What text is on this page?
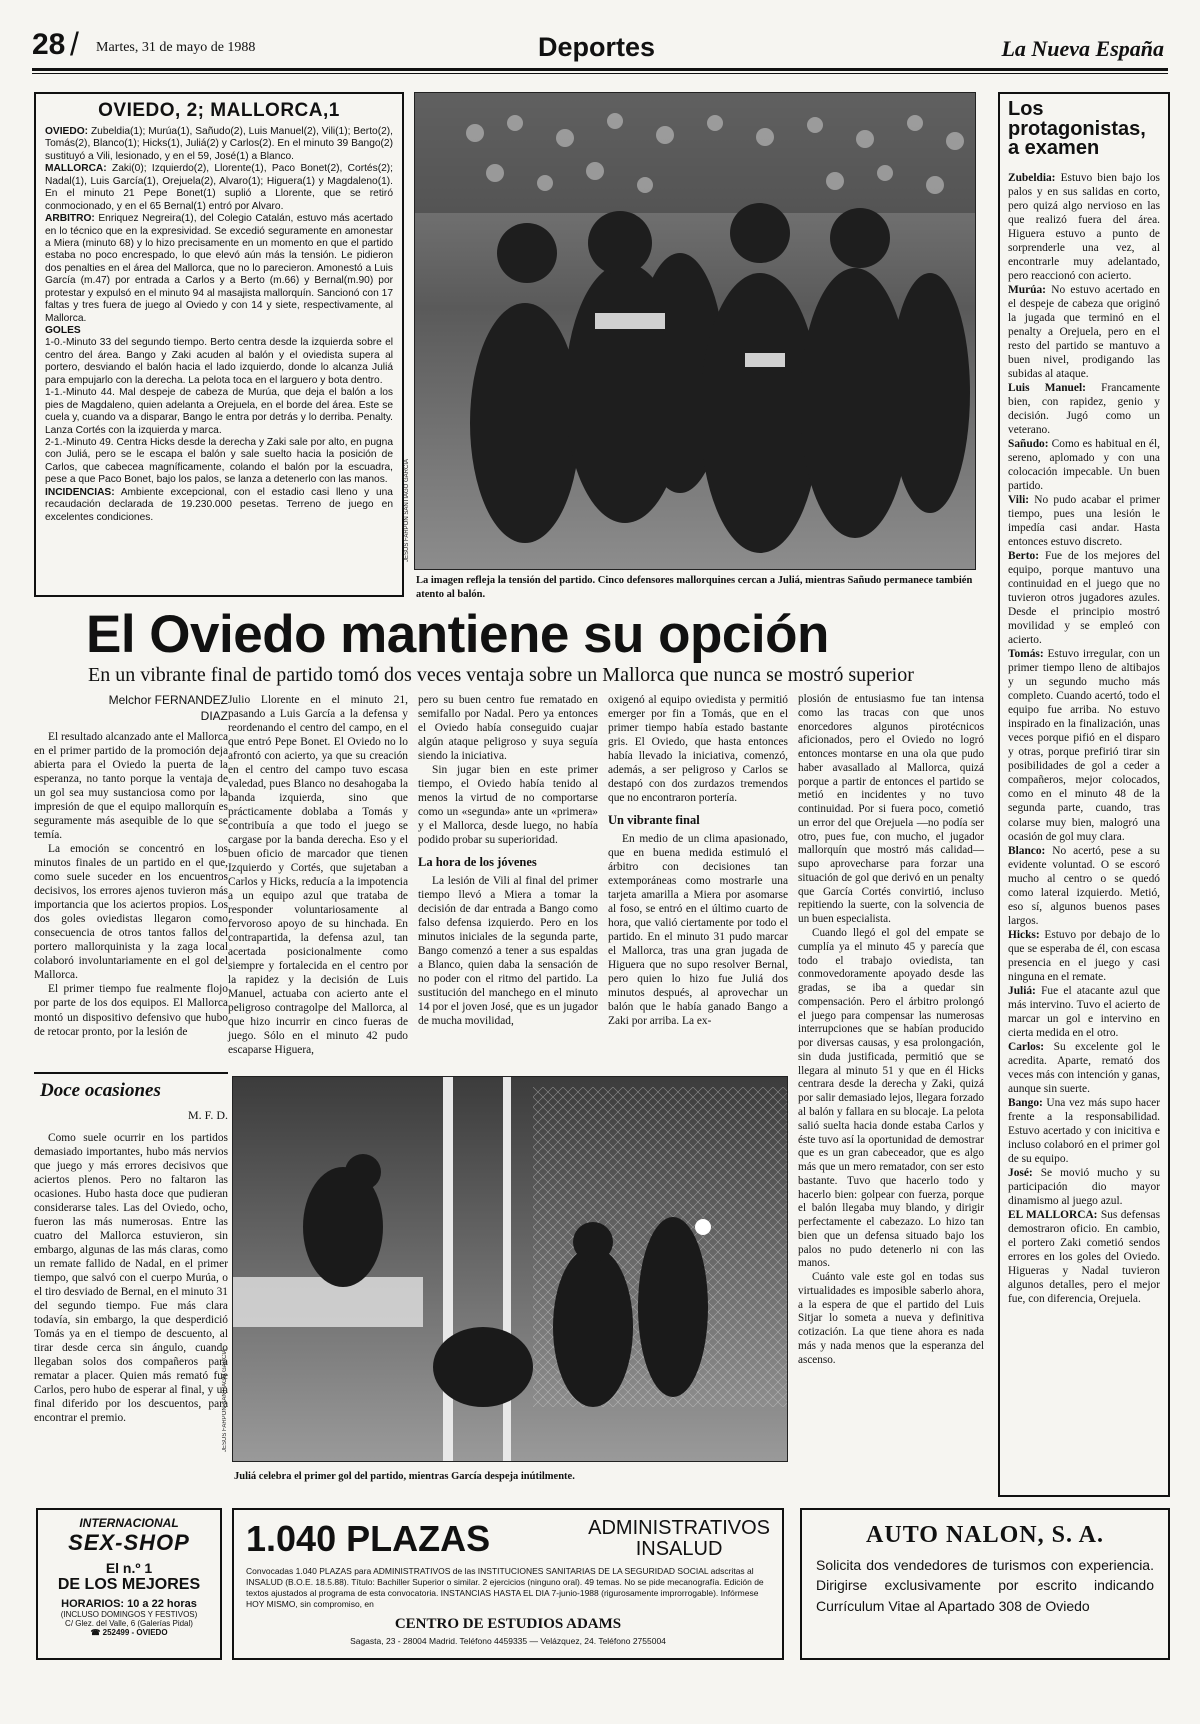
28 / Martes, 31 de mayo de 1988	Deportes	La Nueva España
OVIEDO, 2; MALLORCA,1
OVIEDO: Zubeldia(1); Murúa(1), Sañudo(2), Luis Manuel(2), Vili(1); Berto(2), Tomás(2), Blanco(1); Hicks(1), Juliá(2) y Carlos(2). En el minuto 39 Bango(2) sustituyó a Vili, lesionado, y en el 59, José(1) a Blanco.
MALLORCA: Zaki(0); Izquierdo(2), Llorente(1), Paco Bonet(2), Cortés(2); Nadal(1), Luis García(1), Orejuela(2), Alvaro(1); Higuera(1) y Magdaleno(1). En el minuto 21 Pepe Bonet(1) suplió a Llorente, que se retiró conmocionado, y en el 65 Bernal(1) entró por Alvaro.
ARBITRO: Enriquez Negreira(1), del Colegio Catalán, estuvo más acertado en lo técnico que en la expresividad. Se excedió seguramente en amonestar a Miera (minuto 68) y lo hizo precisamente en un momento en que el partido estaba no poco encrespado, lo que elevó aún más la tensión. Le pidieron dos penalties en el área del Mallorca, que no lo parecieron. Amonestó a Luis García (m.47) por entrada a Carlos y a Berto (m.66) y Bernal(m.90) por protestar y expulsó en el minuto 94 al masajista mallorquín. Sancionó con 17 faltas y tres fuera de juego al Oviedo y con 14 y siete, respectivamente, al Mallorca.
GOLES
1-0.-Minuto 33 del segundo tiempo. Berto centra desde la izquierda sobre el centro del área. Bango y Zaki acuden al balón y el oviedista supera al portero, desviando el balón hacia el lado izquierdo, donde lo alcanza Juliá para empujarlo con la derecha. La pelota toca en el larguero y bota dentro.
1-1.-Minuto 44. Mal despeje de cabeza de Murúa, que deja el balón a los pies de Magdaleno, quien adelanta a Orejuela, en el borde del área. Este se cuela y, cuando va a disparar, Bango le entra por detrás y lo derriba. Penalty. Lanza Cortés con la izquierda y marca.
2-1.-Minuto 49. Centra Hicks desde la derecha y Zaki sale por alto, en pugna con Juliá, pero se le escapa el balón y sale suelto hacia la posición de Carlos, que cabecea magníficamente, colando el balón por la escuadra, pese a que Paco Bonet, bajo los palos, se lanza a detenerlo con las manos.
INCIDENCIAS: Ambiente excepcional, con el estadio casi lleno y una recaudación declarada de 19.230.000 pesetas. Terreno de juego en excelentes condiciones.	JESUS FARPON SANTIAGO GARCIA
La imagen refleja la tensión del partido. Cinco defensores mallorquines cercan a Juliá, mientras Sañudo permanece también atento al balón.
El Oviedo mantiene su opción
En un vibrante final de partido tomó dos veces ventaja sobre un Mallorca que nunca se mostró superior
Melchor FERNANDEZ
DIAZ

El resultado alcanzado ante el Mallorca en el primer partido de la promoción deja abierta para el Oviedo la puerta de la esperanza, no tanto porque la ventaja de un gol sea muy sustanciosa como por la impresión de que el equipo mallorquín es seguramente más asequible de lo que se temía.

La emoción se concentró en los minutos finales de un partido en el que, como suele suceder en los encuentros decisivos, los errores ajenos tuvieron más importancia que los aciertos propios. Los dos goles oviedistas llegaron como consecuencia de otros tantos fallos del portero mallorquinista y la zaga local colaboró involuntariamente en el gol del Mallorca.

El primer tiempo fue realmente flojo por parte de los dos equipos. El Mallorca montó un dispositivo defensivo que hubo de retocar pronto, por la lesión de

Julio Llorente en el minuto 21, pasando a Luis García a la defensa y reordenando el centro del campo, en el que entró Pepe Bonet. El Oviedo no lo afrontó con acierto, ya que su creación en el centro del campo tuvo escasa valedad, pues Blanco no desahogaba la banda izquierda, sino que prácticamente doblaba a Tomás y contribuía a que todo el juego se cargase por la banda derecha. Eso y el buen oficio de marcador que tienen Izquierdo y Cortés, que sujetaban a Carlos y Hicks, reducía a la impotencia a un equipo azul que trataba de responder voluntariosamente al fervoroso apoyo de su hinchada. En contrapartida, la defensa azul, tan acertada posicionalmente como siempre y fortalecida en el centro por la rapidez y la decisión de Luis Manuel, actuaba con acierto ante el peligroso contragolpe del Mallorca, al que hizo incurrir en cinco fueras de juego. Sólo en el minuto 42 pudo escaparse Higuera,

pero su buen centro fue rematado en semifallo por Nadal. Pero ya entonces el Oviedo había conseguido cuajar algún ataque peligroso y suya seguía siendo la iniciativa.

Sin jugar bien en este primer tiempo, el Oviedo había tenido al menos la virtud de no comportarse como un «segunda» ante un «primera» y el Mallorca, desde luego, no había podido probar su superioridad.

La hora de los jóvenes

La lesión de Vili al final del primer tiempo llevó a Miera a tomar la decisión de dar entrada a Bango como falso defensa izquierdo. Pero en los minutos iniciales de la segunda parte, Bango comenzó a tener a sus espaldas a Blanco, quien daba la sensación de no poder con el ritmo del partido. La sustitución del manchego en el minuto 14 por el joven José, que es un jugador de mucha movilidad,

oxigenó al equipo oviedista y permitió emerger por fin a Tomás, que en el primer tiempo había estado bastante gris. El Oviedo, que hasta entonces había llevado la iniciativa, comenzó, además, a ser peligroso y Carlos se destapó con dos zurdazos tremendos que no encontraron portería.

Un vibrante final

En medio de un clima apasionado, que en buena medida estimuló el árbitro con decisiones tan extemporáneas como mostrarle una tarjeta amarilla a Miera por asomarse al foso, se entró en el último cuarto de hora, que valió ciertamente por todo el partido. En el minuto 31 pudo marcar el Mallorca, tras una gran jugada de Higuera que no supo resolver Bernal, pero quien lo hizo fue Juliá dos minutos después, al aprovechar un balón que le había ganado Bango a Zaki por arriba. La ex-

plosión de entusiasmo fue tan intensa como las tracas con que unos enorcedores algunos pirotécnicos aficionados, pero el Oviedo no logró entonces montarse en una ola que pudo haber avasallado al Mallorca, quizá porque a partir de entonces el partido se metió en incidentes y no tuvo continuidad. Por si fuera poco, cometió un error del que Orejuela —no podía ser otro, pues fue, con mucho, el jugador mallorquín que mostró más calidad— supo aprovecharse para forzar una situación de gol que derivó en un penalty que García Cortés convirtió, incluso repitiendo la suerte, con la solvencia de un buen especialista.

Cuando llegó el gol del empate se cumplía ya el minuto 45 y parecía que todo el trabajo oviedista, tan conmovedoramente apoyado desde las gradas, se iba a quedar sin compensación. Pero el árbitro prolongó el juego para compensar las numerosas interrupciones que se habían producido por diversas causas, y esa prolongación, sin duda justificada, permitió que se llegara al minuto 51 y que en él Hicks centrara desde la derecha y Zaki, quizá por salir demasiado lejos, llegara forzado al balón y fallara en su blocaje. La pelota salió suelta hacia donde estaba Carlos y éste tuvo así la oportunidad de demostrar que es un gran cabeceador, que es algo más que un mero rematador, con ser esto bastante. Tuvo que hacerlo todo y hacerlo bien: golpear con fuerza, porque el balón llegaba muy blando, y dirigir perfectamente el cabezazo. Lo hizo tan bien que un defensa situado bajo los palos no pudo detenerlo ni con las manos.

Cuánto vale este gol en todas sus virtualidades es imposible saberlo ahora, a la espera de que el partido del Luis Sitjar lo someta a nueva y definitiva cotización. La que tiene ahora es nada más y nada menos que la esperanza del ascenso.

JESUS FARPON SANTIAGO GARCIA
Juliá celebra el primer gol del partido, mientras García despeja inútilmente.
Doce ocasiones
M. F. D.

Como suele ocurrir en los partidos demasiado importantes, hubo más nervios que juego y más errores decisivos que aciertos plenos. Pero no faltaron las ocasiones. Hubo hasta doce que pudieran considerarse tales. Las del Oviedo, ocho, fueron las más numerosas. Entre las cuatro del Mallorca estuvieron, sin embargo, algunas de las más claras, como un remate fallido de Nadal, en el primer tiempo, que salvó con el cuerpo Murúa, o el tiro desviado de Bernal, en el minuto 31 del segundo tiempo. Fue más clara todavía, sin embargo, la que desperdició Tomás ya en el tiempo de descuento, al tirar desde cerca sin ángulo, cuando llegaban solos dos compañeros para rematar a placer. Quien más remató fue Carlos, pero hubo de esperar al final, y un final diferido por los descuentos, para encontrar el premio.

Los
protagonistas,
a examen

Zubeldia: Estuvo bien bajo los palos y en sus salidas en corto, pero quizá algo nervioso en las que realizó fuera del área. Higuera estuvo a punto de sorprenderle una vez, al encontrarle muy adelantado, pero reaccionó con acierto.

Murúa: No estuvo acertado en el despeje de cabeza que originó la jugada que terminó en el penalty a Orejuela, pero en el resto del partido se mantuvo a buen nivel, prodigando las subidas al ataque.

Luis Manuel: Francamente bien, con rapidez, genio y decisión. Jugó como un veterano.

Sañudo: Como es habitual en él, sereno, aplomado y con una colocación impecable. Un buen partido.

Vili: No pudo acabar el primer tiempo, pues una lesión le impedía casi andar. Hasta entonces estuvo discreto.

Berto: Fue de los mejores del equipo, porque mantuvo una continuidad en el juego que no tuvieron otros jugadores azules. Desde el principio mostró movilidad y se empleó con acierto.

Tomás: Estuvo irregular, con un primer tiempo lleno de altibajos y un segundo mucho más completo. Cuando acertó, todo el equipo fue arriba. No estuvo inspirado en la finalización, unas veces porque pifió en el disparo y otras, porque prefirió tirar sin posibilidades de gol a ceder a compañeros, mejor colocados, como en el minuto 48 de la segunda parte, cuando, tras colarse muy bien, malogró una ocasión de gol muy clara.

Blanco: No acertó, pese a su evidente voluntad. O se escoró mucho al centro o se quedó como lateral izquierdo. Metió, eso sí, algunos buenos pases largos.

Hicks: Estuvo por debajo de lo que se esperaba de él, con escasa presencia en el juego y casi ninguna en el remate.

Juliá: Fue el atacante azul que más intervino. Tuvo el acierto de marcar un gol e intervino en cierta medida en el otro.

Carlos: Su excelente gol le acredita. Aparte, remató dos veces más con intención y ganas, aunque sin suerte.

Bango: Una vez más supo hacer frente a la responsabilidad. Estuvo acertado y con inicitiva e incluso colaboró en el primer gol de su equipo.

José: Se movió mucho y su participación dio mayor dinamismo al juego azul.

EL MALLORCA: Sus defensas demostraron oficio. En cambio, el portero Zaki cometió sendos errores en los goles del Oviedo. Higueras y Nadal tuvieron algunos detalles, pero el mejor fue, con diferencia, Orejuela.

INTERNACIONAL
SEX-SHOP
El n.º 1
DE LOS MEJORES
HORARIOS: 10 a 22 horas
(INCLUSO DOMINGOS Y FESTIVOS)
C/ Glez. del Valle, 6 (Galerías Pidal)
☎ 252499 - OVIEDO
1.040 PLAZAS	ADMINISTRATIVOS
INSALUD
Convocadas 1.040 PLAZAS para ADMINISTRATIVOS de las INSTITUCIONES SANITARIAS DE LA SEGURIDAD SOCIAL adscritas al INSALUD (B.O.E. 18.5.88). Título: Bachiller Superior o similar. 2 ejercicios (ninguno oral). 49 temas. No se pide mecanografía. Edición de textos ajustados al programa de esta convocatoria. INSTANCIAS HASTA EL DIA 7-junio-1988 (rigurosamente improrrogable). Infórmese HOY MISMO, sin compromiso, en
CENTRO DE ESTUDIOS ADAMS
Sagasta, 23 - 28004 Madrid. Teléfono 4459335 — Velázquez, 24. Teléfono 2755004
AUTO NALON, S. A.
Solicita dos vendedores de turismos con experiencia. Dirigirse exclusivamente por escrito indicando Currículum Vitae al Apartado 308 de Oviedo
